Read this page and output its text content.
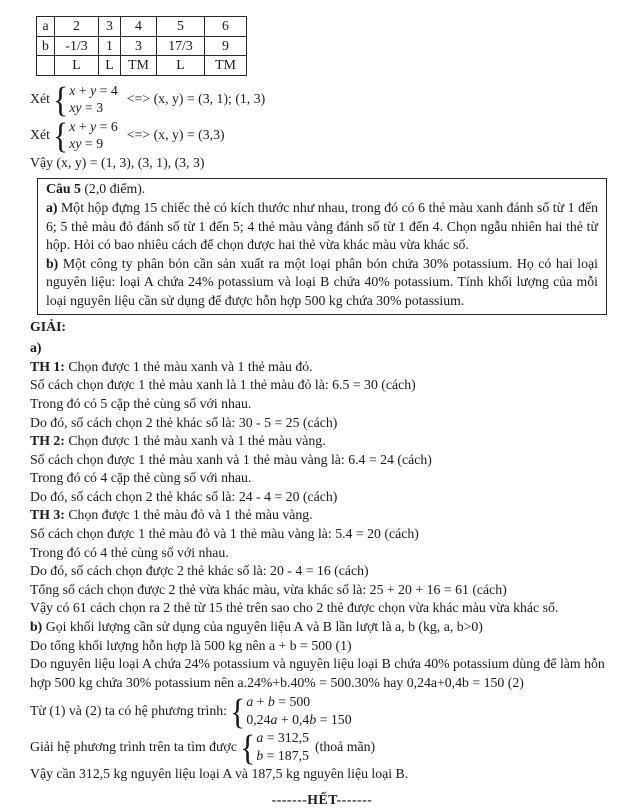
a	2	3	4	5	6
b	-1/3	1	3	17/3	9
	L	L	TM	L	TM
Xét { x + y = 4
xy = 3
<=> (x, y) = (3, 1); (1, 3)
Xét { x + y = 6
xy = 9
<=> (x, y) = (3,3)

Vậy (x, y) = (1, 3), (3, 1), (3, 3)

Câu 5 (2,0 điểm).

a) Một hộp đựng 15 chiếc thẻ có kích thước như nhau, trong đó có 6 thẻ màu xanh đánh số từ 1 đến 6; 5 thẻ màu đỏ đánh số từ 1 đến 5; 4 thẻ màu vàng đánh số từ 1 đến 4. Chọn ngẫu nhiên hai thẻ từ hộp. Hỏi có bao nhiêu cách để chọn được hai thẻ vừa khác màu vừa khác số.

b) Một công ty phân bón cần sản xuất ra một loại phân bón chứa 30% potassium. Họ có hai loại nguyên liệu: loại A chứa 24% potassium và loại B chứa 40% potassium. Tính khối lượng của mỗi loại nguyên liệu cần sử dụng để được hỗn hợp 500 kg chứa 30% potassium.

GIẢI:

a)

TH 1: Chọn được 1 thẻ màu xanh và 1 thẻ màu đỏ.

Số cách chọn được 1 thẻ màu xanh là 1 thẻ màu đỏ là: 6.5 = 30 (cách)

Trong đó có 5 cặp thẻ cùng số với nhau.

Do đó, số cách chọn 2 thẻ khác số là: 30 - 5 = 25 (cách)

TH 2: Chọn được 1 thẻ màu xanh và 1 thẻ màu vàng.

Số cách chọn được 1 thẻ màu xanh và 1 thẻ màu vàng là: 6.4 = 24 (cách)

Trong đó có 4 cặp thẻ cùng số với nhau.

Do đó, số cách chọn 2 thẻ khác số là: 24 - 4 = 20 (cách)

TH 3: Chọn được 1 thẻ màu đỏ và 1 thẻ màu vàng.

Số cách chọn được 1 thẻ màu đỏ và 1 thẻ màu vàng là: 5.4 = 20 (cách)

Trong đó có 4 thẻ cùng số với nhau.

Do đó, số cách chọn được 2 thẻ khác số là: 20 - 4 = 16 (cách)

Tổng số cách chọn được 2 thẻ vừa khác màu, vừa khác số là: 25 + 20 + 16 = 61 (cách)

Vậy có 61 cách chọn ra 2 thẻ từ 15 thẻ trên sao cho 2 thẻ được chọn vừa khác màu vừa khác số.

b) Gọi khối lượng cần sử dụng của nguyên liệu A và B lần lượt là a, b (kg, a, b>0)

Do tổng khối lượng hỗn hợp là 500 kg nên a + b = 500 (1)

Do nguyên liệu loại A chứa 24% potassium và nguyên liệu loại B chứa 40% potassium dùng để làm hỗn hợp 500 kg chứa 30% potassium nên a.24%+b.40% = 500.30% hay 0,24a+0,4b = 150 (2)

Từ (1) và (2) ta có hệ phương trình: { a + b = 500
0,24a + 0,4b = 150
Giải hệ phương trình trên ta tìm được { a = 312,5
b = 187,5
(thoả mãn)

Vậy cần 312,5 kg nguyên liệu loại A và 187,5 kg nguyên liệu loại B.

-------HẾT-------
